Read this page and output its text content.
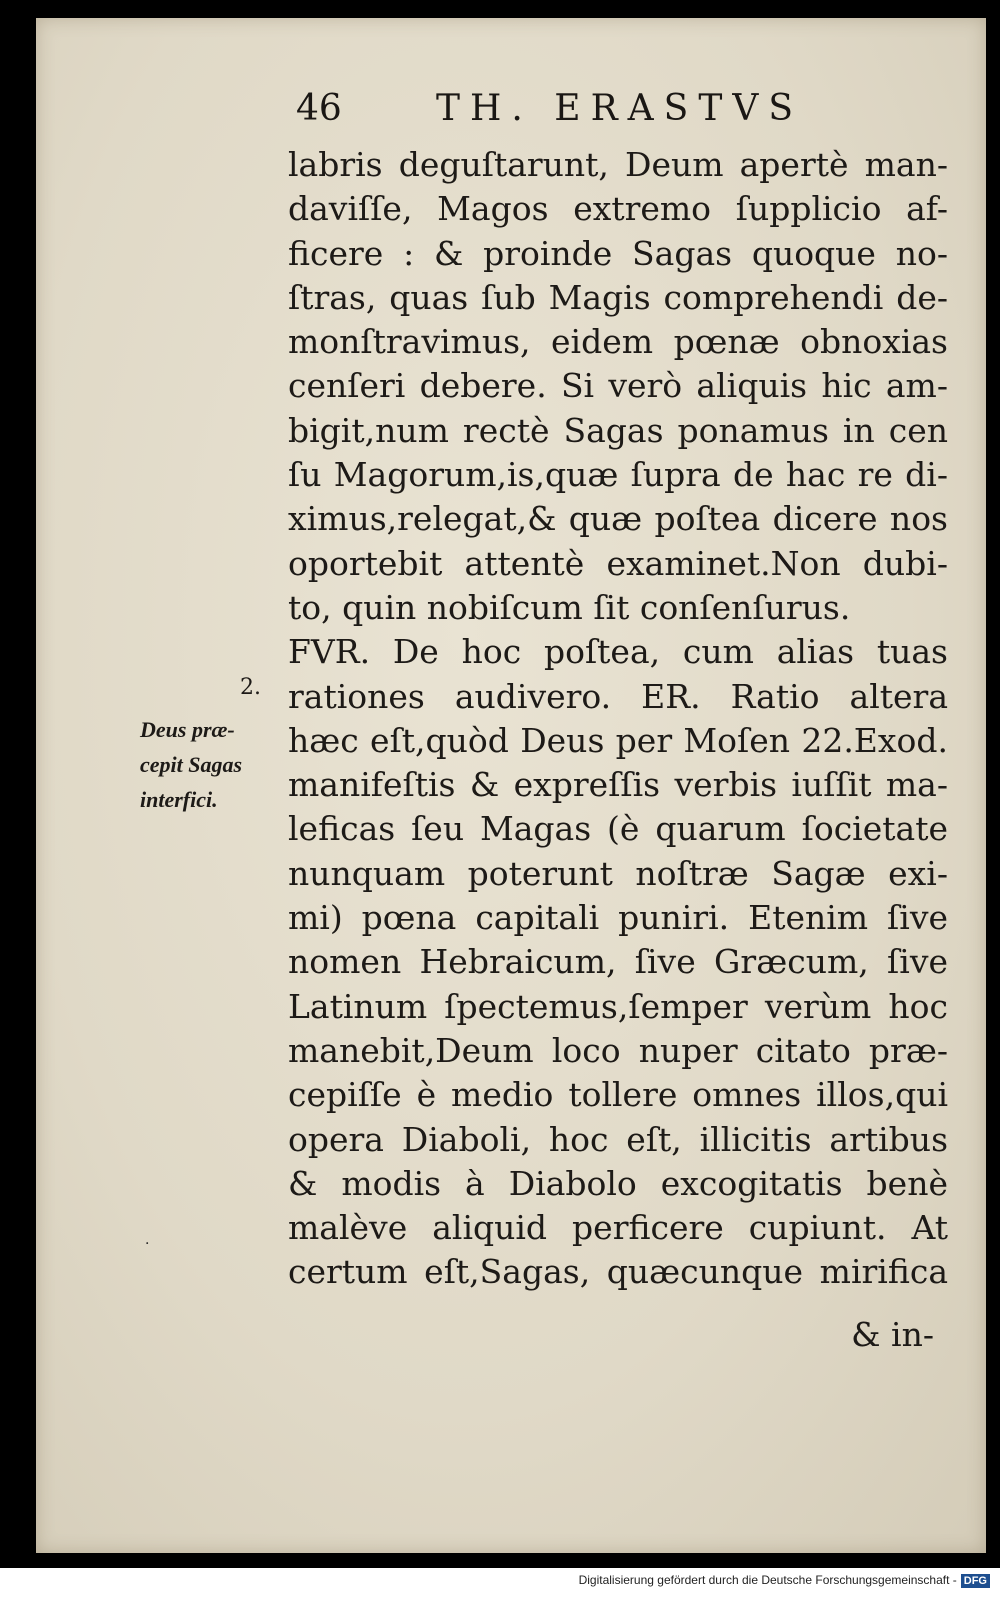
46	TH. ERASTVS
labris deguſtarunt, Deum apertè man-
daviſſe, Magos extremo ſupplicio af-
ficere : & proinde Sagas quoque no-
ſtras, quas ſub Magis comprehendi de-
monſtravimus, eidem pœnæ obnoxias
cenſeri debere. Si verò aliquis hic am-
bigit,num rectè Sagas ponamus in cen
ſu Magorum,is,quæ ſupra de hac re di-
ximus,relegat,& quæ poſtea dicere nos
oportebit attentè examinet.Non dubi-
to, quin nobiſcum ſit conſenſurus.
FVR. De hoc poſtea, cum alias tuas
rationes audivero. ER. Ratio altera
hæc eſt,quòd Deus per Moſen 22.Exod.
manifeſtis & expreſſis verbis iuſſit ma-
leficas ſeu Magas (è quarum ſocietate
nunquam poterunt noſtræ Sagæ exi-
mi) pœna capitali puniri. Etenim ſive
nomen Hebraicum, ſive Græcum, ſive
Latinum ſpectemus,ſemper verùm hoc
manebit,Deum loco nuper citato præ-
cepiſſe è medio tollere omnes illos,qui
opera Diaboli, hoc eſt, illicitis artibus
& modis à Diabolo excogitatis benè
malève aliquid perficere cupiunt. At
certum eſt,Sagas, quæcunque mirifica
2.
Deus præ-
cepit Sagas
interfici.
·
& in-
Digitalisierung gefördert durch die Deutsche Forschungsgemeinschaft - DFG
